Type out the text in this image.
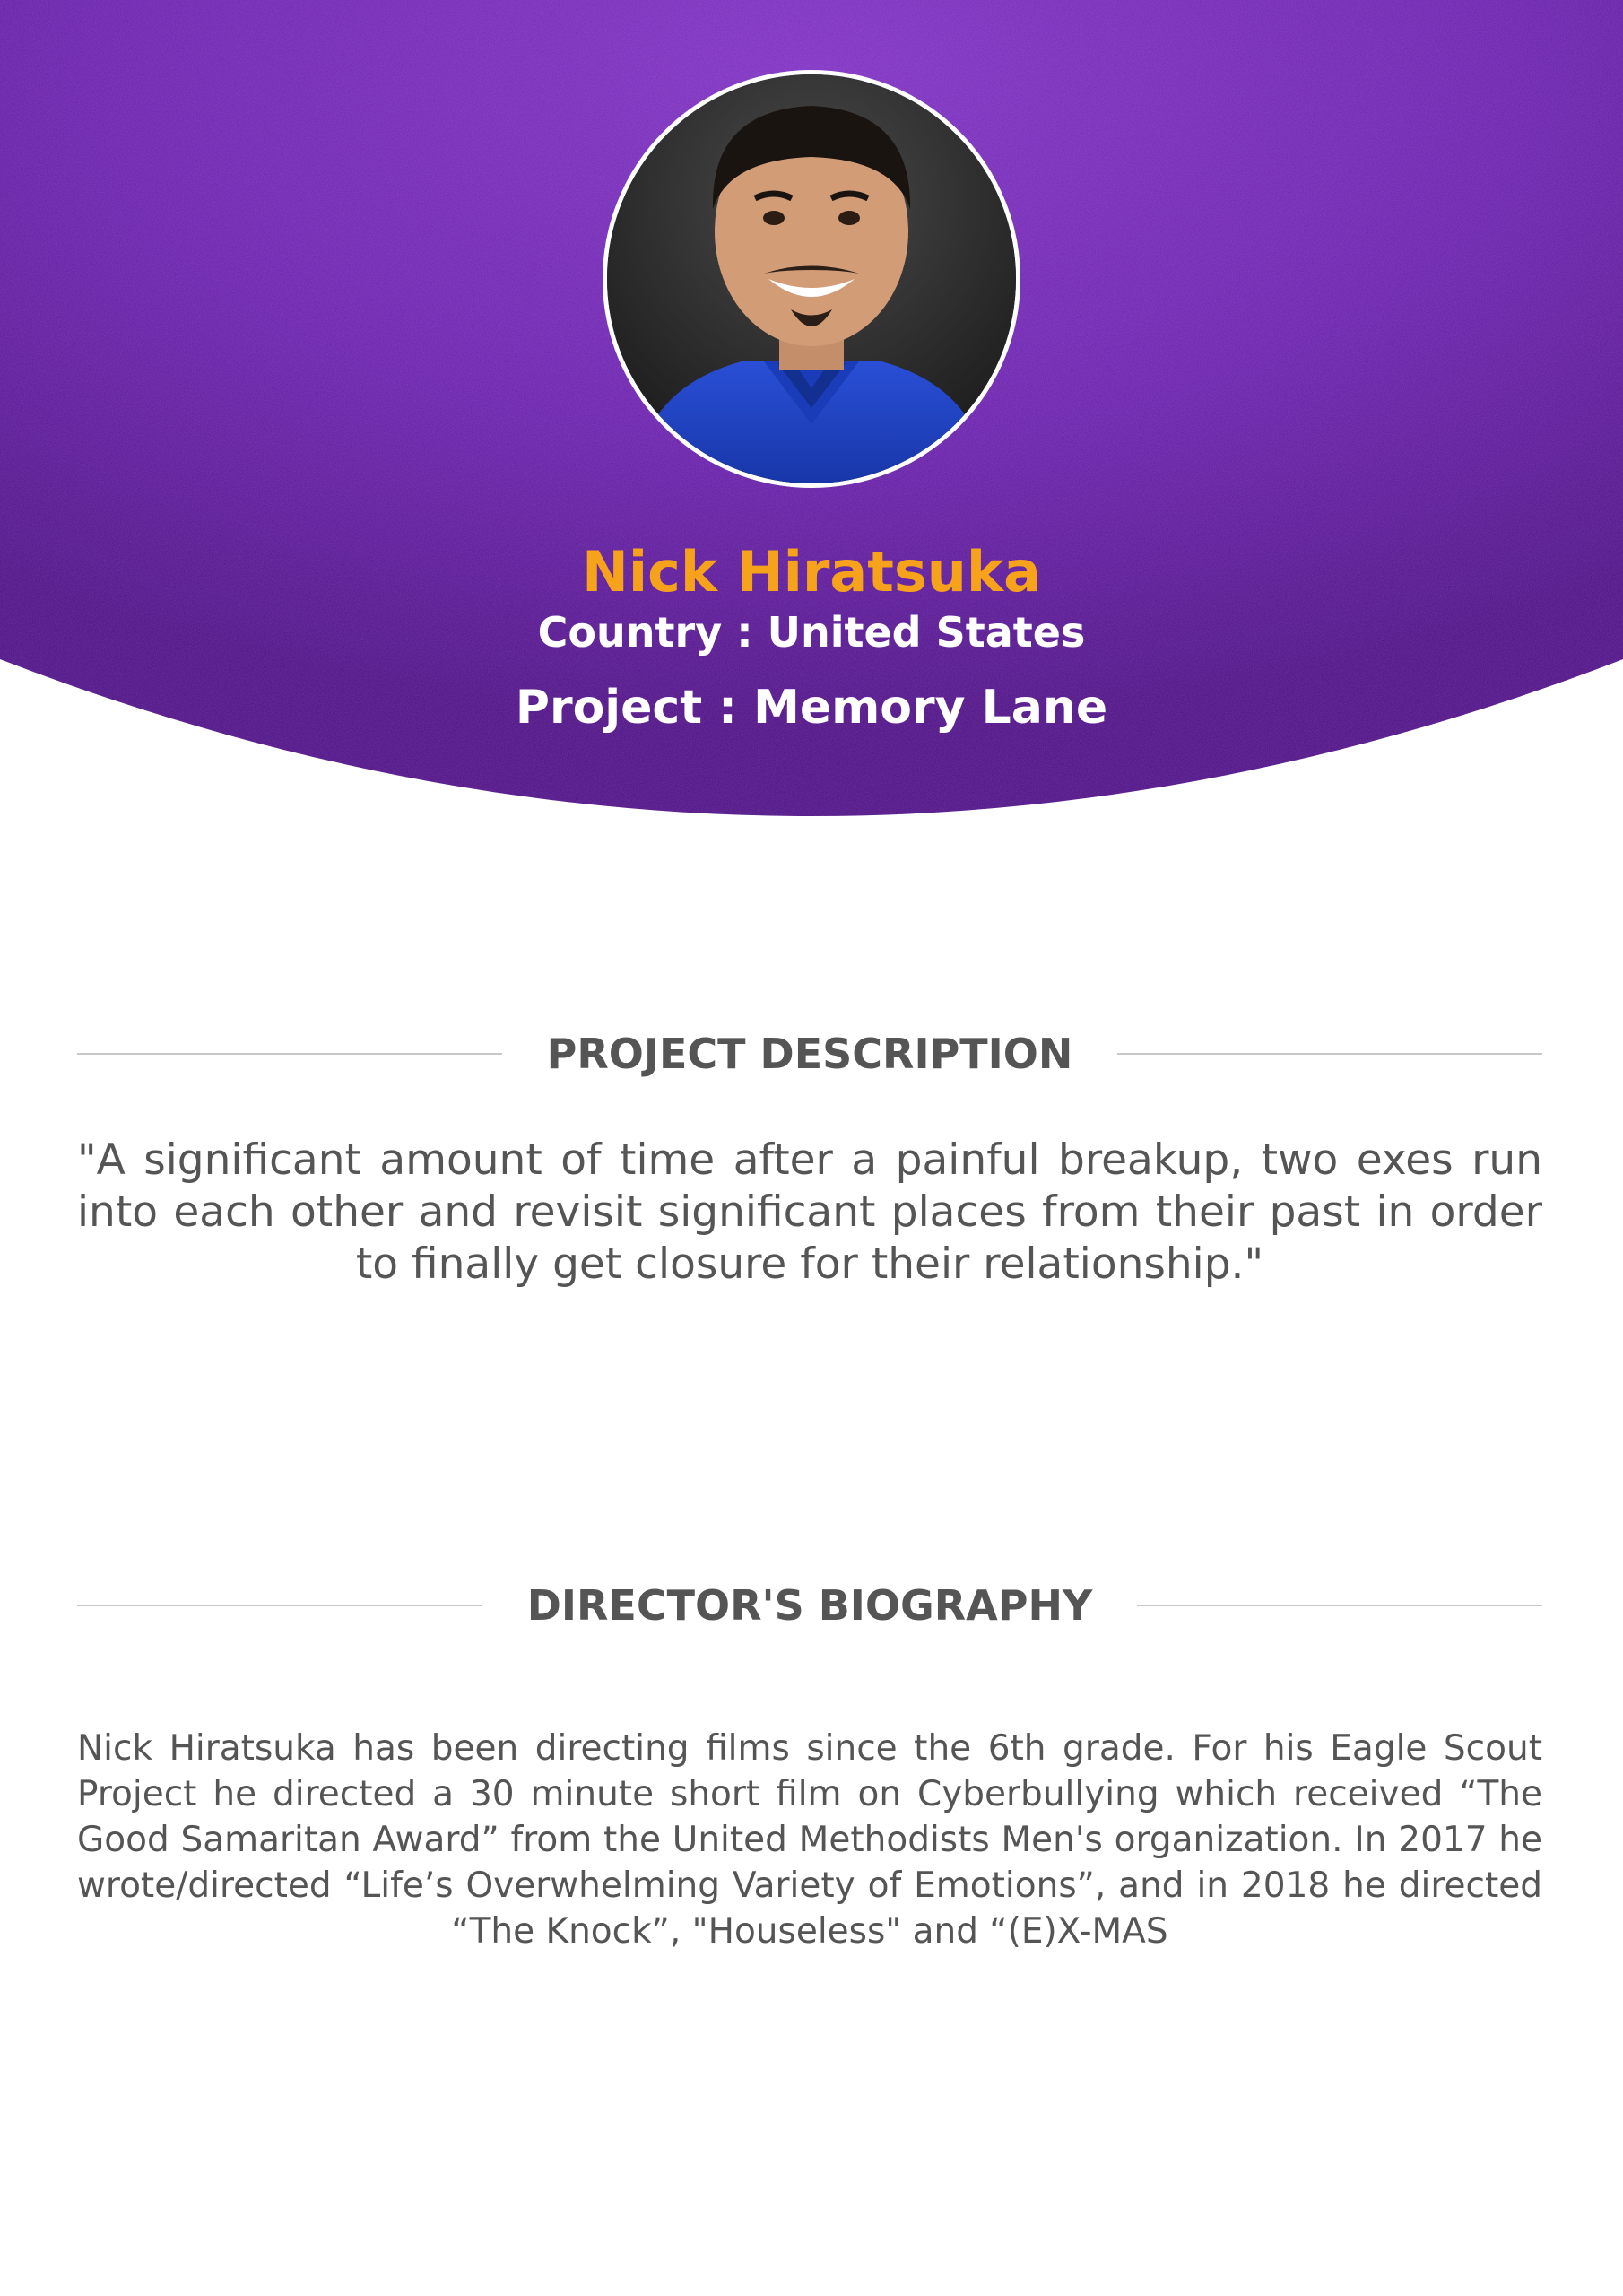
Nick Hiratsuka
Country : United States
Project : Memory Lane
PROJECT DESCRIPTION
"A significant amount of time after a painful breakup, two exes run into each other and revisit significant places from their past in order to finally get closure for their relationship."
DIRECTOR'S BIOGRAPHY
Nick Hiratsuka has been directing films since the 6th grade. For his Eagle Scout Project he directed a 30 minute short film on Cyberbullying which received “The Good Samaritan Award” from the United Methodists Men's organization. In 2017 he wrote/directed “Life’s Overwhelming Variety of Emotions”, and in 2018 he directed “The Knock”, "Houseless" and “(E)X-MAS
